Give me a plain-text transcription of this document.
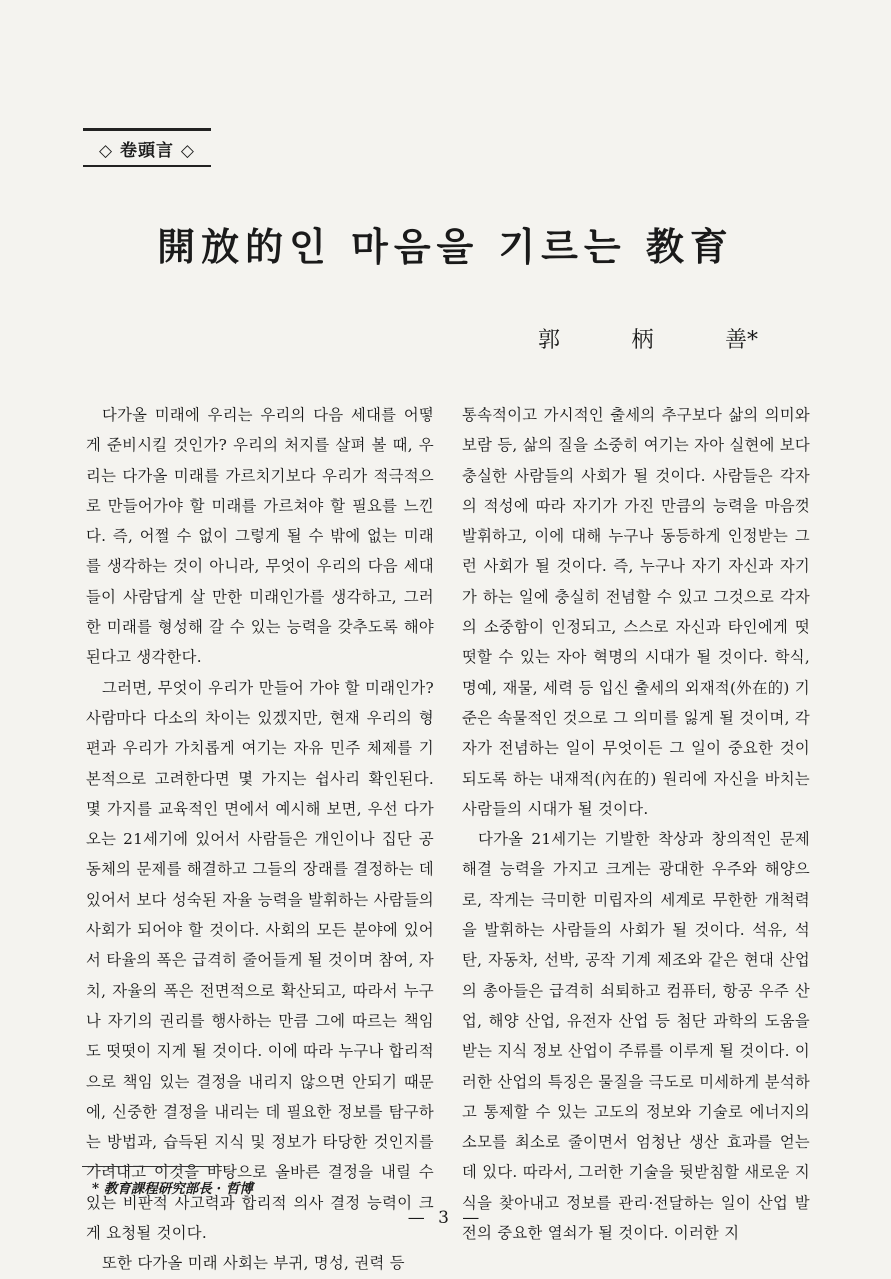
◇ 卷頭言 ◇
開放的인 마음을 기르는 教育
郭	柄	善*

다가올 미래에 우리는 우리의 다음 세대를 어떻게 준비시킬 것인가? 우리의 처지를 살펴 볼 때, 우리는 다가올 미래를 가르치기보다 우리가 적극적으로 만들어가야 할 미래를 가르쳐야 할 필요를 느낀다. 즉, 어쩔 수 없이 그렇게 될 수 밖에 없는 미래를 생각하는 것이 아니라, 무엇이 우리의 다음 세대들이 사람답게 살 만한 미래인가를 생각하고, 그러한 미래를 형성해 갈 수 있는 능력을 갖추도록 해야 된다고 생각한다.

그러면, 무엇이 우리가 만들어 가야 할 미래인가? 사람마다 다소의 차이는 있겠지만, 현재 우리의 형편과 우리가 가치롭게 여기는 자유 민주 체제를 기본적으로 고려한다면 몇 가지는 쉽사리 확인된다. 몇 가지를 교육적인 면에서 예시해 보면, 우선 다가오는 21세기에 있어서 사람들은 개인이나 집단 공동체의 문제를 해결하고 그들의 장래를 결정하는 데 있어서 보다 성숙된 자율 능력을 발휘하는 사람들의 사회가 되어야 할 것이다. 사회의 모든 분야에 있어서 타율의 폭은 급격히 줄어들게 될 것이며 참여, 자치, 자율의 폭은 전면적으로 확산되고, 따라서 누구나 자기의 권리를 행사하는 만큼 그에 따르는 책임도 떳떳이 지게 될 것이다. 이에 따라 누구나 합리적으로 책임 있는 결정을 내리지 않으면 안되기 때문에, 신중한 결정을 내리는 데 필요한 정보를 탐구하는 방법과, 습득된 지식 및 정보가 타당한 것인지를 가려내고 이것을 바탕으로 올바른 결정을 내릴 수 있는 비판적 사고력과 합리적 의사 결정 능력이 크게 요청될 것이다.

또한 다가올 미래 사회는 부귀, 명성, 권력 등

통속적이고 가시적인 출세의 추구보다 삶의 의미와 보람 등, 삶의 질을 소중히 여기는 자아 실현에 보다 충실한 사람들의 사회가 될 것이다. 사람들은 각자의 적성에 따라 자기가 가진 만큼의 능력을 마음껏 발휘하고, 이에 대해 누구나 동등하게 인정받는 그런 사회가 될 것이다. 즉, 누구나 자기 자신과 자기가 하는 일에 충실히 전념할 수 있고 그것으로 각자의 소중함이 인정되고, 스스로 자신과 타인에게 떳떳할 수 있는 자아 혁명의 시대가 될 것이다. 학식, 명예, 재물, 세력 등 입신 출세의 외재적(外在的) 기준은 속물적인 것으로 그 의미를 잃게 될 것이며, 각자가 전념하는 일이 무엇이든 그 일이 중요한 것이 되도록 하는 내재적(內在的) 원리에 자신을 바치는 사람들의 시대가 될 것이다.

다가올 21세기는 기발한 착상과 창의적인 문제 해결 능력을 가지고 크게는 광대한 우주와 해양으로, 작게는 극미한 미립자의 세계로 무한한 개척력을 발휘하는 사람들의 사회가 될 것이다. 석유, 석탄, 자동차, 선박, 공작 기계 제조와 같은 현대 산업의 총아들은 급격히 쇠퇴하고 컴퓨터, 항공 우주 산업, 해양 산업, 유전자 산업 등 첨단 과학의 도움을 받는 지식 정보 산업이 주류를 이루게 될 것이다. 이러한 산업의 특징은 물질을 극도로 미세하게 분석하고 통제할 수 있는 고도의 정보와 기술로 에너지의 소모를 최소로 줄이면서 엄청난 생산 효과를 얻는 데 있다. 따라서, 그러한 기술을 뒷받침할 새로운 지식을 찾아내고 정보를 관리·전달하는 일이 산업 발전의 중요한 열쇠가 될 것이다. 이러한 지

* 教育課程研究部長 · 哲博
— 3 —
